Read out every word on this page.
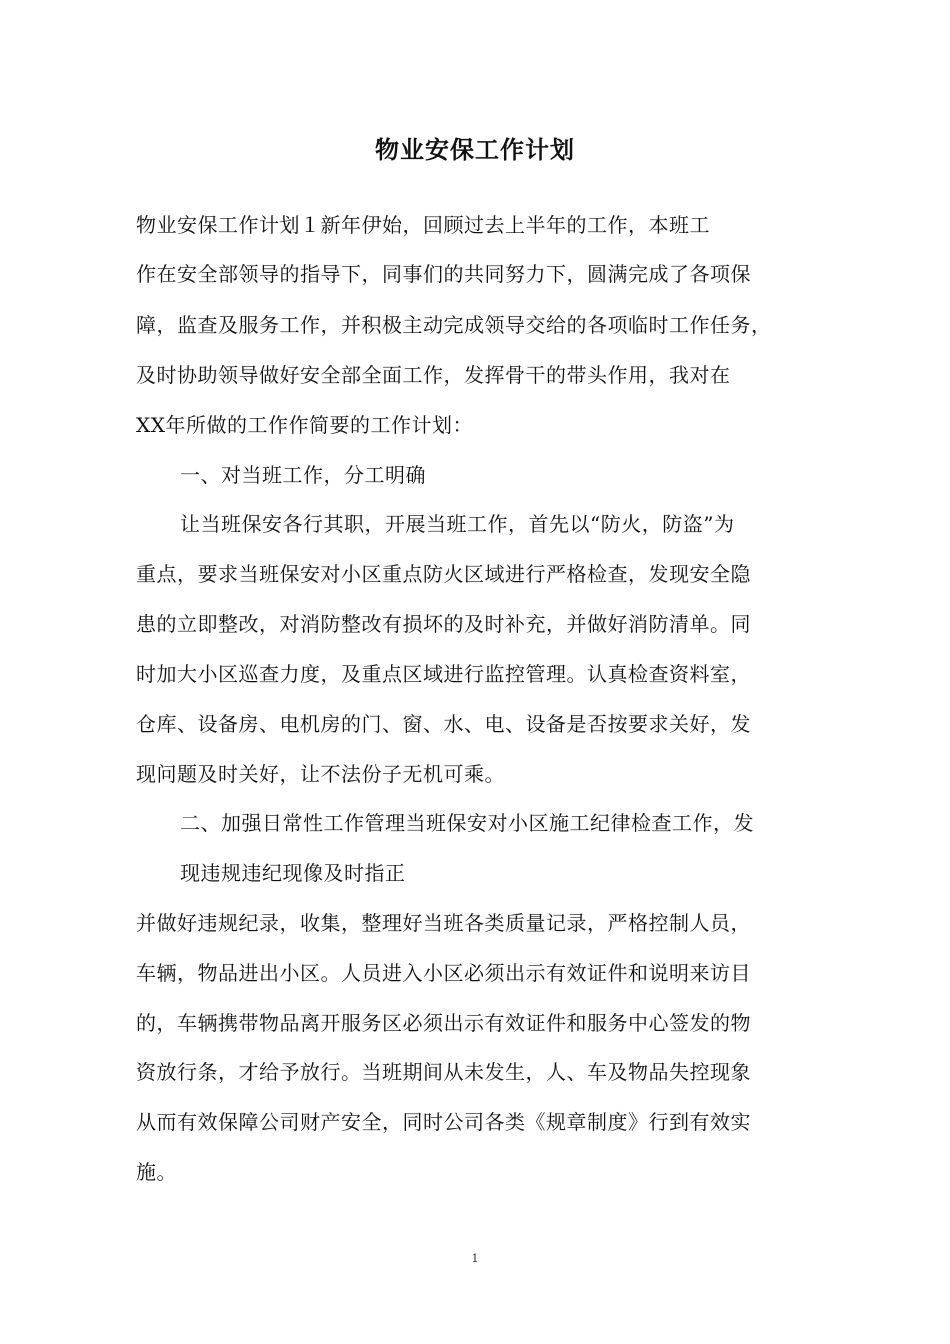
物业安保工作计划
物业安保工作计划１新年伊始，回顾过去上半年的工作，本班工
作在安全部领导的指导下，同事们的共同努力下，圆满完成了各项保
障，监查及服务工作，并积极主动完成领导交给的各项临时工作任务，
及时协助领导做好安全部全面工作，发挥骨干的带头作用，我对在
XX年所做的工作作简要的工作计划：
一、对当班工作，分工明确
让当班保安各行其职，开展当班工作，首先以“防火，防盗”为
重点，要求当班保安对小区重点防火区域进行严格检查，发现安全隐
患的立即整改，对消防整改有损坏的及时补充，并做好消防清单。同
时加大小区巡查力度，及重点区域进行监控管理。认真检查资料室，
仓库、设备房、电机房的门、窗、水、电、设备是否按要求关好，发
现问题及时关好，让不法份子无机可乘。
二、加强日常性工作管理当班保安对小区施工纪律检查工作，发
现违规违纪现像及时指正
并做好违规纪录，收集，整理好当班各类质量记录，严格控制人员，
车辆，物品进出小区。人员进入小区必须出示有效证件和说明来访目
的，车辆携带物品离开服务区必须出示有效证件和服务中心签发的物
资放行条，才给予放行。当班期间从未发生，人、车及物品失控现象
从而有效保障公司财产安全，同时公司各类《规章制度》行到有效实
施。
1
